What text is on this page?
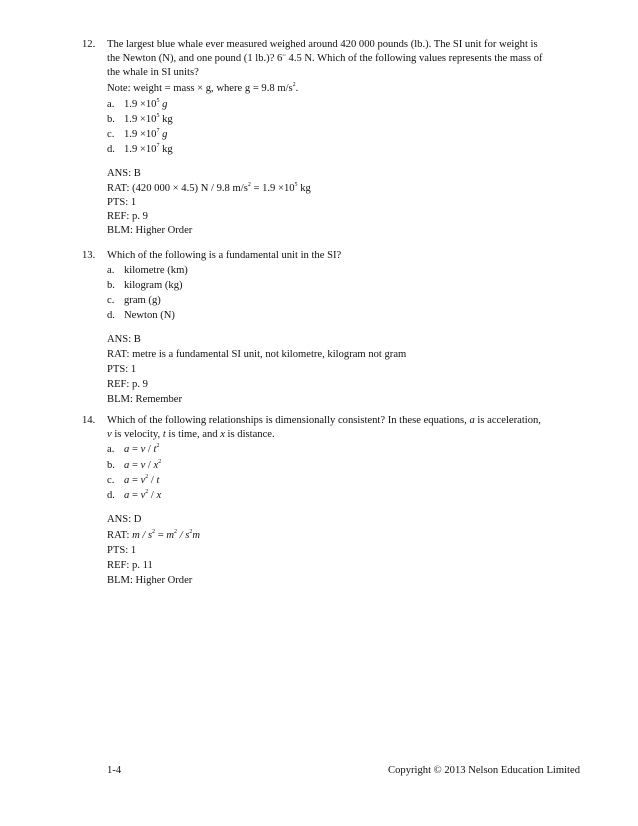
12. The largest blue whale ever measured weighed around 420 000 pounds (lb.). The SI unit for weight is
the Newton (N), and one pound (1 lb.)? 6¨ 4.5 N. Which of the following values represents the mass of
the whale in SI units?
Note: weight = mass × g, where g = 9.8 $m/s^2$.
a. $1.9 \times 10^5$ g
b. $1.9 \times 10^5$ kg
c. $1.9 \times 10^7$ g
d. $1.9 \times 10^7$ kg
ANS: B
RAT: (420 000 × 4.5) N / 9.8 $m/s^2 = 1.9 \times 10^5$ kg
PTS: 1
REF: p. 9
BLM: Higher Order
13. Which of the following is a fundamental unit in the SI?
a. kilometre (km)
b. kilogram (kg)
c. gram (g)
d. Newton (N)
ANS: B
RAT: metre is a fundamental SI unit, not kilometre, kilogram not gram
PTS: 1
REF: p. 9
BLM: Remember
14. Which of the following relationships is dimensionally consistent? In these equations, a is acceleration,
v is velocity, t is time, and x is distance.
a. $a = v / t^2$
b. $a = v / x^2$
c. $a = v^2 / t$
d. $a = v^2 / x$
ANS: D
RAT: $m / s^2 = m^2 / s^2m$
PTS: 1
REF: p. 11
BLM: Higher Order
1-4	Copyright © 2013 Nelson Education Limited
